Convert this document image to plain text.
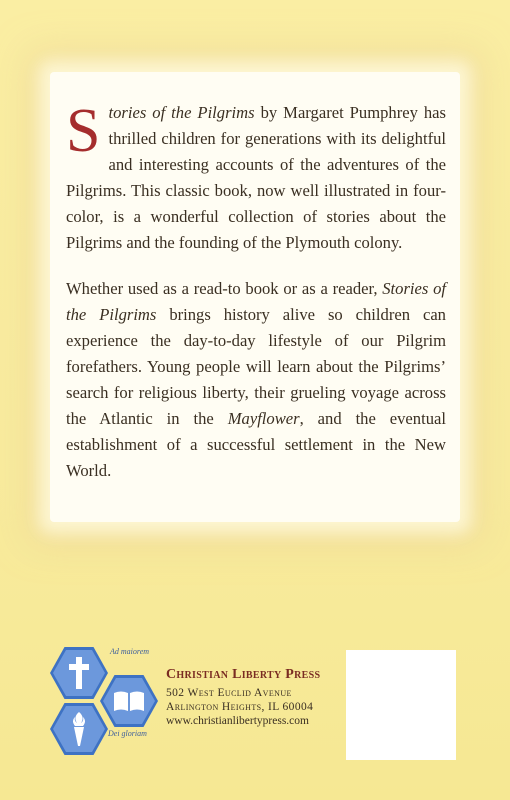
Stories of the Pilgrims by Margaret Pumphrey has thrilled children for generations with its delightful and interesting accounts of the adventures of the Pilgrims. This classic book, now well illustrated in four-color, is a wonderful collection of stories about the Pilgrims and the founding of the Plymouth colony.

Whether used as a read-to book or as a reader, Stories of the Pilgrims brings history alive so children can experience the day-to-day lifestyle of our Pilgrim forefathers. Young people will learn about the Pilgrims’ search for religious liberty, their grueling voyage across the Atlantic in the Mayflower, and the eventual establishment of a successful settlement in the New World.

Ad maiorem
Dei gloriam
Christian Liberty Press
502 West Euclid Avenue
Arlington Heights, IL 60004
www.christianlibertypress.com
